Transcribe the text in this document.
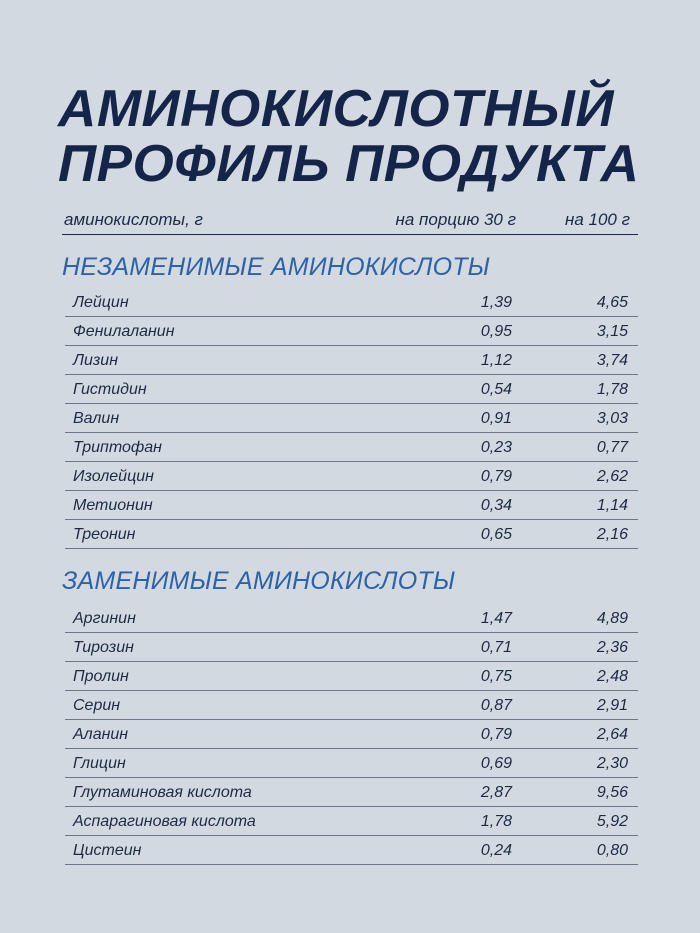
АМИНОКИСЛОТНЫЙ
ПРОФИЛЬ ПРОДУКТА
аминокислоты, г	на порцию 30 г	на 100 г
НЕЗАМЕНИМЫЕ АМИНОКИСЛОТЫ
Лейцин	1,39	4,65
Фенилаланин	0,95	3,15
Лизин	1,12	3,74
Гистидин	0,54	1,78
Валин	0,91	3,03
Триптофан	0,23	0,77
Изолейцин	0,79	2,62
Метионин	0,34	1,14
Треонин	0,65	2,16
ЗАМЕНИМЫЕ АМИНОКИСЛОТЫ
Аргинин	1,47	4,89
Тирозин	0,71	2,36
Пролин	0,75	2,48
Серин	0,87	2,91
Аланин	0,79	2,64
Глицин	0,69	2,30
Глутаминовая кислота	2,87	9,56
Аспарагиновая кислота	1,78	5,92
Цистеин	0,24	0,80
